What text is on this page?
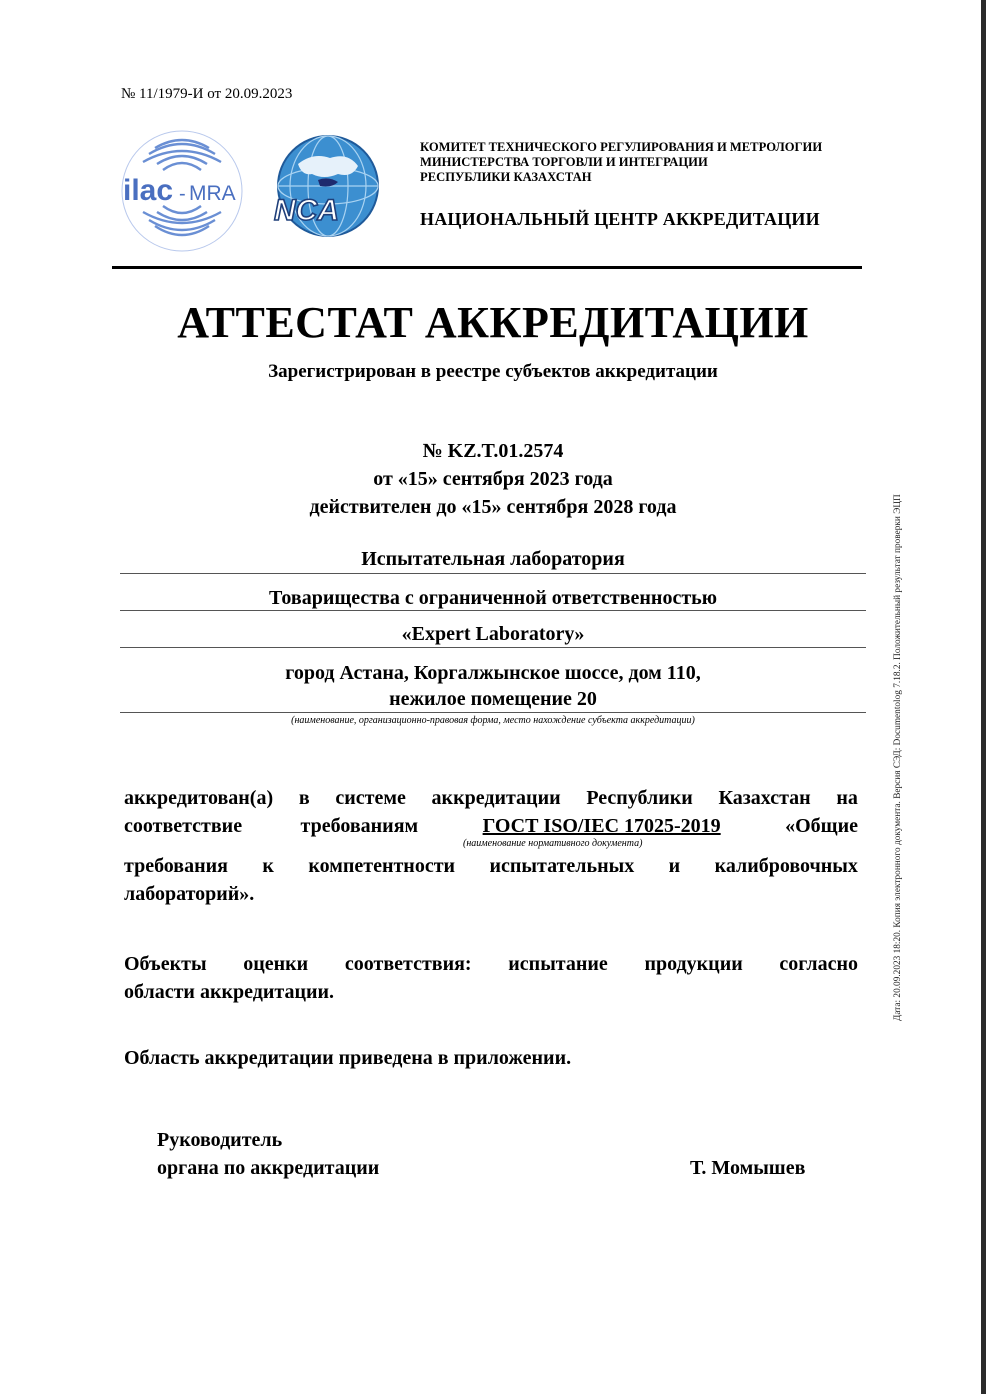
№ 11/1979-И от 20.09.2023
ilac - MRA
NCA
КОМИТЕТ ТЕХНИЧЕСКОГО РЕГУЛИРОВАНИЯ И МЕТРОЛОГИИ
МИНИСТЕРСТВА ТОРГОВЛИ И ИНТЕГРАЦИИ
РЕСПУБЛИКИ КАЗАХСТАН
НАЦИОНАЛЬНЫЙ ЦЕНТР АККРЕДИТАЦИИ
АТТЕСТАТ АККРЕДИТАЦИИ
Зарегистрирован в реестре субъектов аккредитации
№ KZ.T.01.2574
от «15» сентября 2023 года
действителен до «15» сентября 2028 года
Испытательная лаборатория
Товарищества с ограниченной ответственностью
«Expert Laboratory»
город Астана, Коргалжынское шоссе, дом 110,
нежилое помещение 20
(наименование, организационно-правовая форма, место нахождение субъекта аккредитации)
аккредитован(а) в системе аккредитации Республики Казахстан на
соответствие	требованиям	ГОСТ ISO/IEC 17025-2019	«Общие
(наименование нормативного документа)
требования к компетентности испытательных и калибровочных
лабораторий».
Объекты оценки соответствия: испытание продукции согласно
области аккредитации.
Область аккредитации приведена в приложении.
Руководитель
органа по аккредитации	Т. Момышев
Дата: 20.09.2023 18:20. Копия электронного документа. Версия СЭД: Documentolog 7.18.2. Положительный результат проверки ЭЦП
